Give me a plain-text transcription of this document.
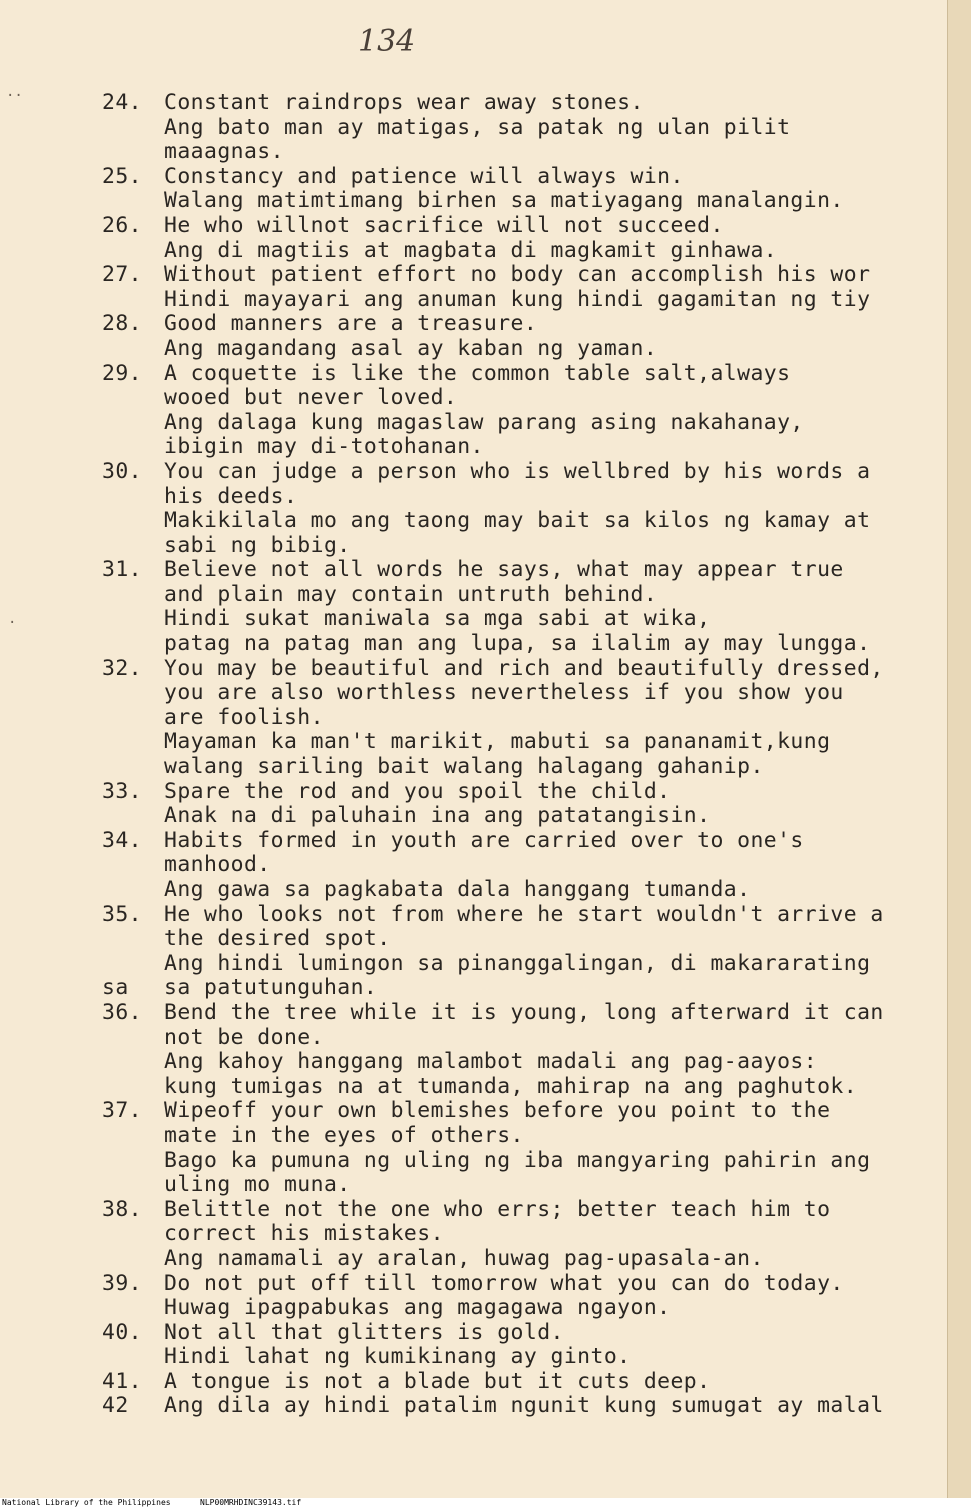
134
··
·
24.	Constant raindrops wear away stones.
Ang bato man ay matigas, sa patak ng ulan pilit
maaagnas.
25.	Constancy and patience will always win.
Walang matimtimang birhen sa matiyagang manalangin.
26.	He who willnot sacrifice will not succeed.
Ang di magtiis at magbata di magkamit ginhawa.
27.	Without patient effort no body can accomplish his wor
Hindi mayayari ang anuman kung hindi gagamitan ng tiy
28.	Good manners are a treasure.
Ang magandang asal ay kaban ng yaman.
29.	A coquette is like the common table salt,always
wooed but never loved.
Ang dalaga kung magaslaw parang asing nakahanay,
ibigin may di-totohanan.
30.	You can judge a person who is wellbred by his words a
his deeds.
Makikilala mo ang taong may bait sa kilos ng kamay at
sabi ng bibig.
31.	Believe not all words he says, what may appear true
and plain may contain untruth behind.
Hindi sukat maniwala sa mga sabi at wika,
patag na patag man ang lupa, sa ilalim ay may lungga.
32.	You may be beautiful and rich and beautifully dressed,
you are also worthless nevertheless if you show you
are foolish.
Mayaman ka man't marikit, mabuti sa pananamit,kung
walang sariling bait walang halagang gahanip.
33.	Spare the rod and you spoil the child.
Anak na di paluhain ina ang patatangisin.
34.	Habits formed in youth are carried over to one's
manhood.
Ang gawa sa pagkabata dala hanggang tumanda.
35.	He who looks not from where he start wouldn't arrive a
the desired spot.
Ang hindi lumingon sa pinanggalingan, di makararating
sa	sa patutunguhan.
36.	Bend the tree while it is young, long afterward it can
not be done.
Ang kahoy hanggang malambot madali ang pag-aayos:
kung tumigas na at tumanda, mahirap na ang paghutok.
37.	Wipeoff your own blemishes before you point to the
mate in the eyes of others.
Bago ka pumuna ng uling ng iba mangyaring pahirin ang
uling mo muna.
38.	Belittle not the one who errs; better teach him to
correct his mistakes.
Ang namamali ay aralan, huwag pag-upasala-an.
39.	Do not put off till tomorrow what you can do today.
Huwag ipagpabukas ang magagawa ngayon.
40.	Not all that glitters is gold.
Hindi lahat ng kumikinang ay ginto.
41.	A tongue is not a blade but it cuts deep.
42	Ang dila ay hindi patalim ngunit kung sumugat ay malal
National Library of the Philippines	NLP00MRHDINC39143.tif
